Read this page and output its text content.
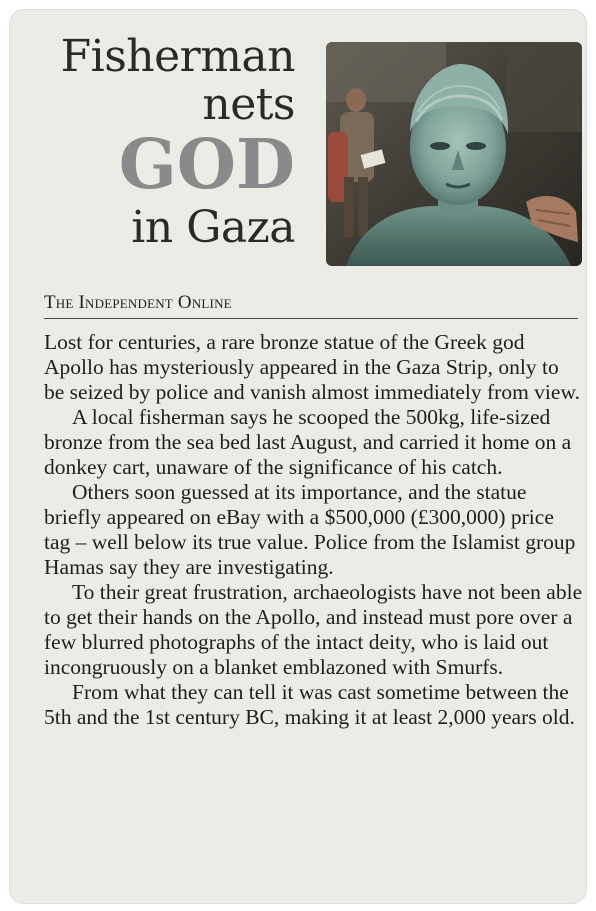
Fisherman
nets
GOD
in Gaza
The Independent Online

Lost for centuries, a rare bronze statue of the Greek god Apollo has mysteriously appeared in the Gaza Strip, only to be seized by police and vanish almost immediately from view.

A local fisherman says he scooped the 500kg, life-sized bronze from the sea bed last August, and carried it home on a donkey cart, unaware of the significance of his catch.

Others soon guessed at its importance, and the statue briefly appeared on eBay with a $500,000 (£300,000) price tag – well below its true value. Police from the Islamist group Hamas say they are investigating.

To their great frustration, archaeologists have not been able to get their hands on the Apollo, and instead must pore over a few blurred photographs of the intact deity, who is laid out incongruously on a blanket emblazoned with Smurfs.

From what they can tell it was cast sometime between the 5th and the 1st century BC, making it at least 2,000 years old.
